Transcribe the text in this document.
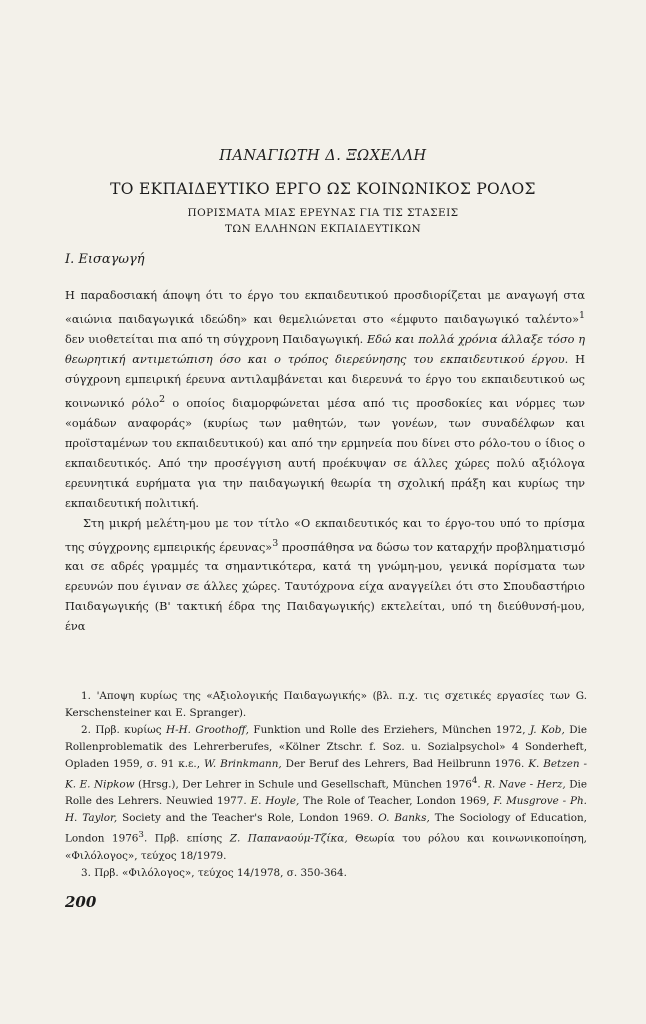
ΠΑΝΑΓΙΩΤΗ Δ. ΞΩΧΕΛΛΗ
ΤΟ ΕΚΠΑΙΔΕΥΤΙΚΟ ΕΡΓΟ ΩΣ ΚΟΙΝΩΝΙΚΟΣ ΡΟΛΟΣ
ΠΟΡΙΣΜΑΤΑ ΜΙΑΣ ΕΡΕΥΝΑΣ ΓΙΑ ΤΙΣ ΣΤΑΣΕΙΣ
ΤΩΝ ΕΛΛΗΝΩΝ ΕΚΠΑΙΔΕΥΤΙΚΩΝ
Ι. Εισαγωγή

Η παραδοσιακή άποψη ότι το έργο του εκπαιδευτικού προσδιορίζεται με αναγωγή στα «αιώνια παιδαγωγικά ιδεώδη» και θεμελιώνεται στο «έμφυτο παιδαγωγικό ταλέντο»$^1$ δεν υιοθετείται πια από τη σύγχρονη Παιδαγωγική. Εδώ και πολλά χρόνια άλλαξε τόσο η θεωρητική αντιμετώπιση όσο και ο τρόπος διερεύνησης του εκπαιδευτικού έργου. Η σύγχρονη εμπειρική έρευνα αντιλαμβάνεται και διερευνά το έργο του εκπαιδευτικού ως κοινωνικό ρόλο$^2$ ο οποίος διαμορφώνεται μέσα από τις προσδοκίες και νόρμες των «ομάδων αναφοράς» (κυρίως των μαθητών, των γονέων, των συναδέλφων και προϊσταμένων του εκπαιδευτικού) και από την ερμηνεία που δίνει στο ρόλο-του ο ίδιος ο εκπαιδευτικός. Από την προσέγγιση αυτή προέκυψαν σε άλλες χώρες πολύ αξιόλογα ερευνητικά ευρήματα για την παιδαγωγική θεωρία τη σχολική πράξη και κυρίως την εκπαιδευτική πολιτική.

Στη μικρή μελέτη-μου με τον τίτλο «Ο εκπαιδευτικός και το έργο-του υπό το πρίσμα της σύγχρονης εμπειρικής έρευνας»$^3$ προσπάθησα να δώσω τον καταρχήν προβληματισμό και σε αδρές γραμμές τα σημαντικότερα, κατά τη γνώμη-μου, γενικά πορίσματα των ερευνών που έγιναν σε άλλες χώρες. Ταυτόχρονα είχα αναγγείλει ότι στο Σπουδαστήριο Παιδαγωγικής (Β' τακτική έδρα της Παιδαγωγικής) εκτελείται, υπό τη διεύθυνσή-μου, ένα

1. 'Αποψη κυρίως της «Αξιολογικής Παιδαγωγικής» (βλ. π.χ. τις σχετικές εργασίες των G. Kerschensteiner και E. Spranger).

2. Πρβ. κυρίως H-H. Groothoff, Funktion und Rolle des Erziehers, München 1972, J. Kob, Die Rollenproblematik des Lehrerberufes, «Kölner Ztschr. f. Soz. u. Sozialpsychol» 4 Sonderheft, Opladen 1959, σ. 91 κ.ε., W. Brinkmann, Der Beruf des Lehrers, Bad Heilbrunn 1976. K. Betzen - K. E. Nipkow (Hrsg.), Der Lehrer in Schule und Gesellschaft, München 1976$^4$. R. Nave - Herz, Die Rolle des Lehrers. Neuwied 1977. E. Hoyle, The Role of Teacher, London 1969, F. Musgrove - Ph. H. Taylor, Society and the Teacher's Role, London 1969. O. Banks, The Sociology of Education, London 1976$^3$. Πρβ. επίσης Ζ. Παπαναούμ-Τζίκα, Θεωρία του ρόλου και κοινωνικοποίηση, «Φιλόλογος», τεύχος 18/1979.

3. Πρβ. «Φιλόλογος», τεύχος 14/1978, σ. 350-364.

200
